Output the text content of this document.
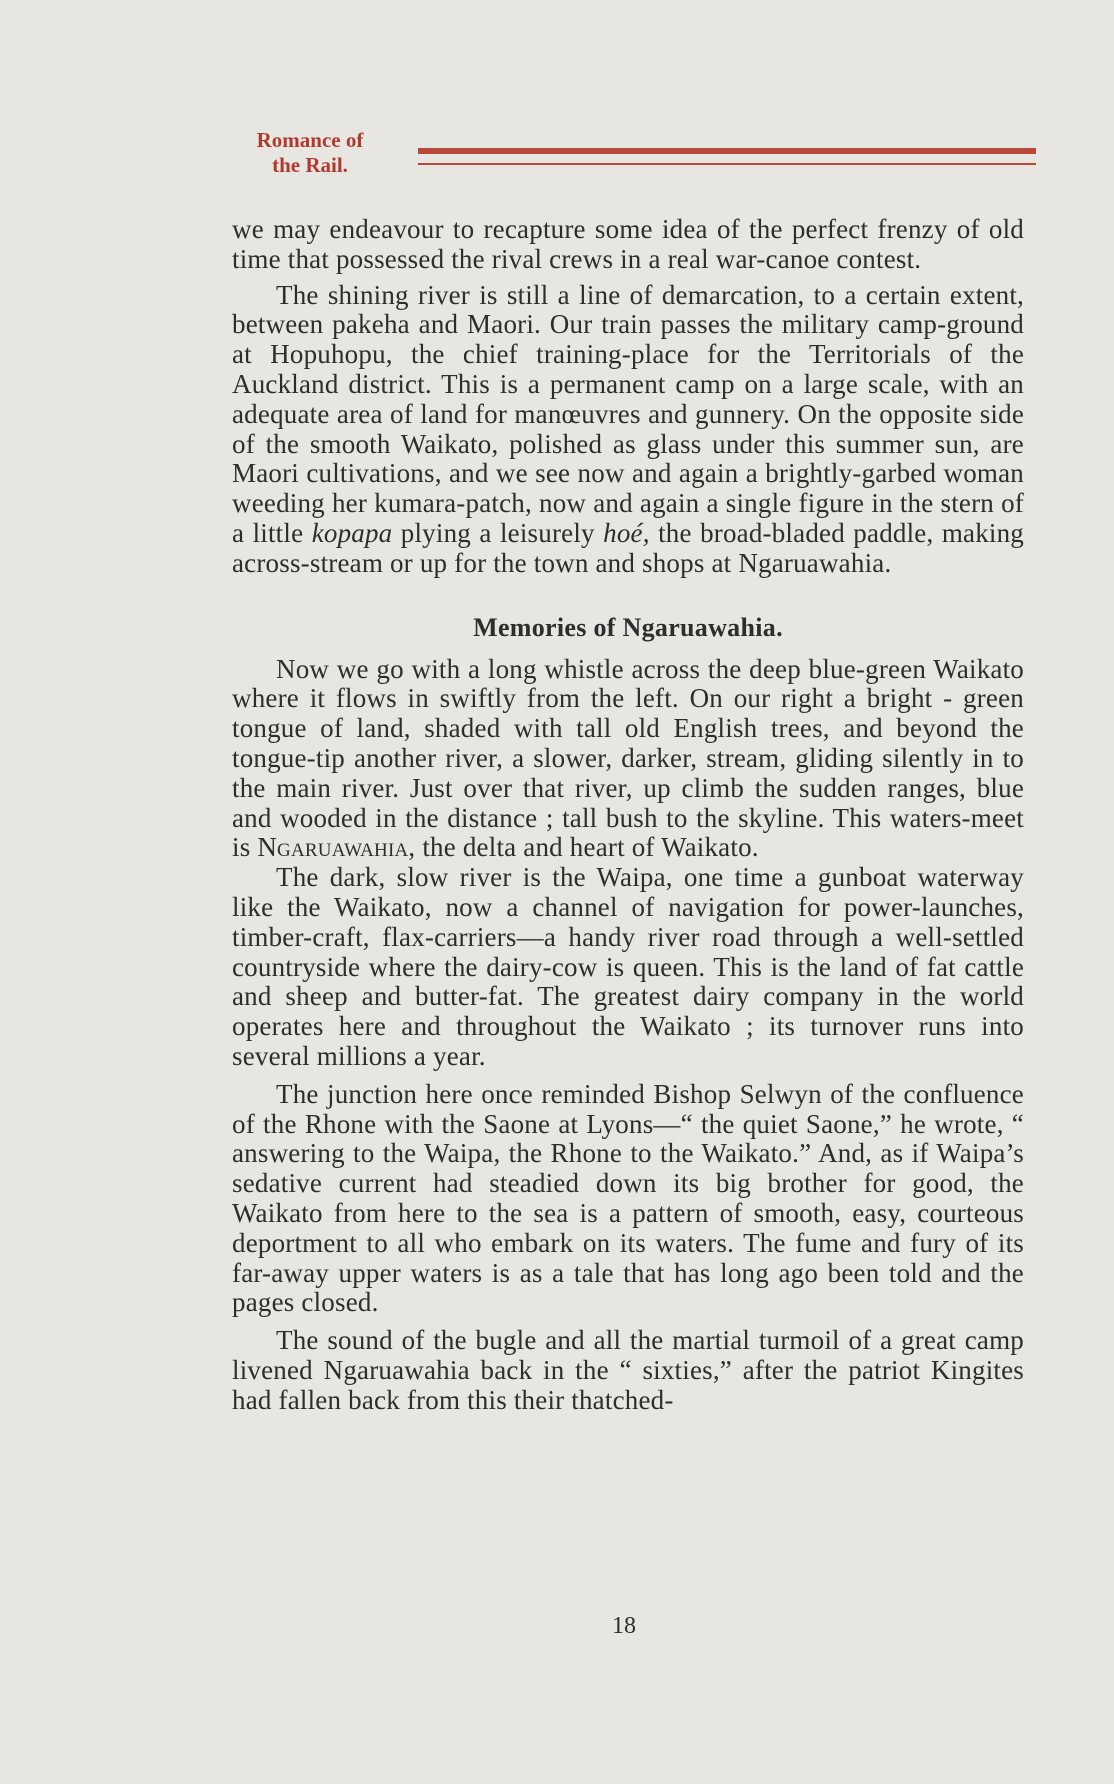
Romance of
the Rail.

we may endeavour to recapture some idea of the perfect frenzy of old time that possessed the rival crews in a real war-canoe contest.

The shining river is still a line of demarcation, to a certain extent, between pakeha and Maori. Our train passes the military camp-ground at Hopuhopu, the chief training-place for the Territorials of the Auckland district. This is a permanent camp on a large scale, with an adequate area of land for manœuvres and gunnery. On the opposite side of the smooth Waikato, polished as glass under this summer sun, are Maori cultivations, and we see now and again a brightly-garbed woman weeding her kumara-patch, now and again a single figure in the stern of a little kopapa plying a leisurely hoé, the broad-bladed paddle, making across-stream or up for the town and shops at Ngaruawahia.

Memories of Ngaruawahia.

Now we go with a long whistle across the deep blue-green Waikato where it flows in swiftly from the left. On our right a bright - green tongue of land, shaded with tall old English trees, and beyond the tongue-tip another river, a slower, darker, stream, gliding silently in to the main river. Just over that river, up climb the sudden ranges, blue and wooded in the distance ; tall bush to the skyline. This waters-meet is Ngaruawahia, the delta and heart of Waikato.

The dark, slow river is the Waipa, one time a gunboat waterway like the Waikato, now a channel of navigation for power-launches, timber-craft, flax-carriers—a handy river road through a well-settled countryside where the dairy-cow is queen. This is the land of fat cattle and sheep and butter-fat. The greatest dairy company in the world operates here and throughout the Waikato ; its turnover runs into several millions a year.

The junction here once reminded Bishop Selwyn of the confluence of the Rhone with the Saone at Lyons—“ the quiet Saone,” he wrote, “ answering to the Waipa, the Rhone to the Waikato.” And, as if Waipa’s sedative current had steadied down its big brother for good, the Waikato from here to the sea is a pattern of smooth, easy, courteous deportment to all who embark on its waters. The fume and fury of its far-away upper waters is as a tale that has long ago been told and the pages closed.

The sound of the bugle and all the martial turmoil of a great camp livened Ngaruawahia back in the “ sixties,” after the patriot Kingites had fallen back from this their thatched-

18
